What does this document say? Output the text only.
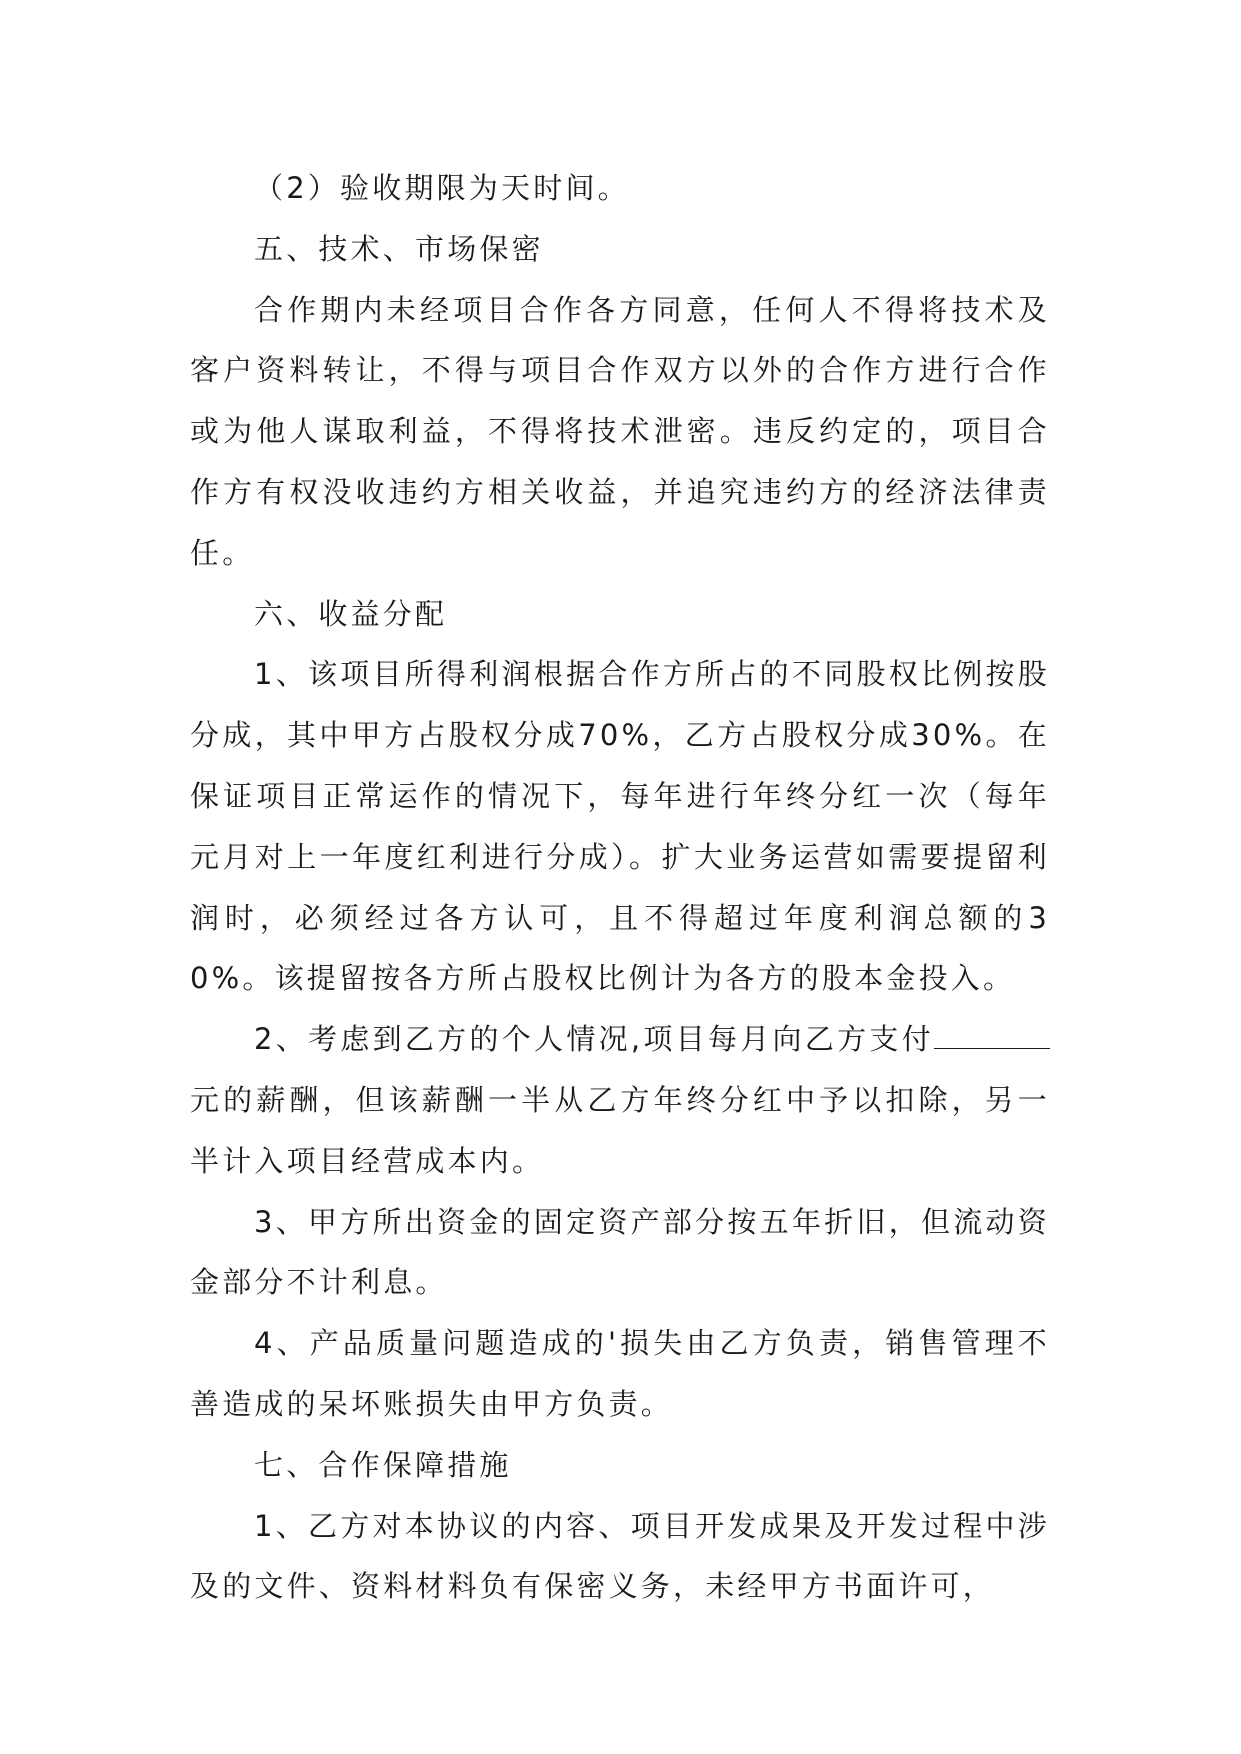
（2）验收期限为天时间。

五、技术、市场保密

合作期内未经项目合作各方同意，任何人不得将技术及客户资料转让，不得与项目合作双方以外的合作方进行合作或为他人谋取利益，不得将技术泄密。违反约定的，项目合作方有权没收违约方相关收益，并追究违约方的经济法律责任。

六、收益分配

1、该项目所得利润根据合作方所占的不同股权比例按股分成，其中甲方占股权分成70%，乙方占股权分成30%。在保证项目正常运作的情况下，每年进行年终分红一次（每年元月对上一年度红利进行分成）。扩大业务运营如需要提留利润时，必须经过各方认可，且不得超过年度利润总额的30%。该提留按各方所占股权比例计为各方的股本金投入。

2、考虑到乙方的个人情况,项目每月向乙方支付元的薪酬，但该薪酬一半从乙方年终分红中予以扣除，另一半计入项目经营成本内。

3、甲方所出资金的固定资产部分按五年折旧，但流动资金部分不计利息。

4、产品质量问题造成的'损失由乙方负责，销售管理不善造成的呆坏账损失由甲方负责。

七、合作保障措施

1、乙方对本协议的内容、项目开发成果及开发过程中涉及的文件、资料材料负有保密义务，未经甲方书面许可，
